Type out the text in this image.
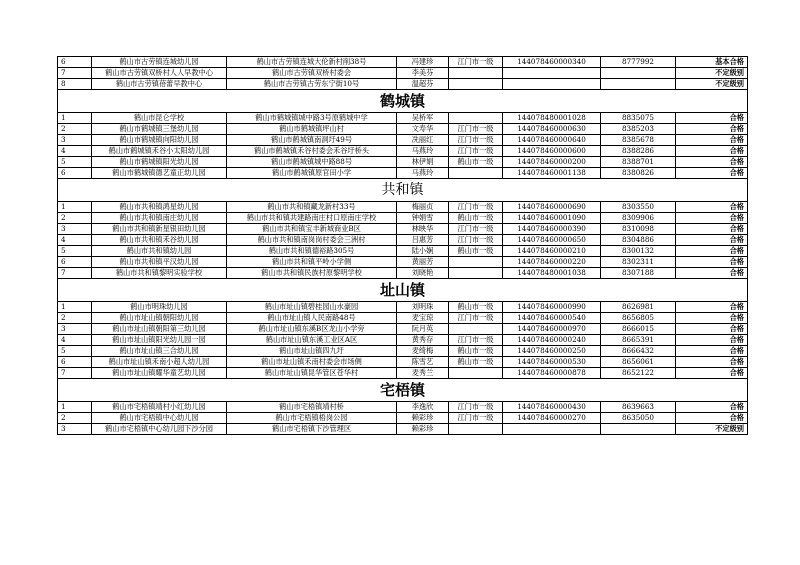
6	鹤山市古劳镇连城幼儿园	鹤山市古劳镇连城大伦新村削38号	冯建珍	江门市一级	144078460000340	8777992	基本合格
7	鹤山市古劳镇双桥村人人早教中心	鹤山市古劳镇双桥村委会	李美芬				不定级别
8	鹤山市古劳镇蓓蕾早教中心	鹤山市古劳镇古劳东宁街10号	温超芬				不定级别
鹤城镇							
1	鹤山市昆仑学校	鹤山市鹤城镇城中路3号原鹤城中学	吴桥军		144078480001028	8835075	合格
2	鹤山市鹤城镇三堡幼儿园	鹤山市鹤城镇坪山村	文寿华	江门市一级	144078460000630	8385203	合格
3	鹤山市鹤城镇向阳幼儿园	鹤山市鹤城镇南洞圩49号	冼丽红	江门市一级	144078460000640	8385678	合格
4	鹤山市鹤城镇禾谷小太阳幼儿园	鹤山市鹤城镇禾谷村委会禾谷圩桥头	马燕玲	江门市一级	144078460000600	8388286	合格
5	鹤山市鹤城镇阳光幼儿园	鹤山市鹤城镇城中路88号	林伊娟	鹤山市一级	144078460000200	8388701	合格
6	鹤山市鹤城镇德艺童正幼儿园	鹤山市鹤城镇原官田小学	马燕玲		144078460001138	8380826	合格
共和镇							
1	鹤山市共和镇鸿星幼儿园	鹤山市共和镇藏龙新村33号	梅丽贞	江门市一级	144078460000690	8303550	合格
2	鹤山市共和镇南庄幼儿园	鹤山市共和镇共建路南庄村口原南庄学校	钟娟雪	鹤山市一级	144078460001090	8309906	合格
3	鹤山市共和镇新星银田幼儿园	鹤山市共和镇宝丰新城商业B区	林映华	江门市一级	144078460000390	8310098	合格
4	鹤山市共和镇禾谷幼儿园	鹤山市共和镇南岗岗村委会三洲村	吕惠芳	江门市一级	144078460000650	8304886	合格
5	鹤山市共和镇幼儿园	鹤山市共和镇德裕路305号	陆小娴	鹤山市一级	144078460000210	8300132	合格
6	鹤山市共和镇平汉幼儿园	鹤山市共和镇平岭小学侧	黄丽芳		144078460000220	8302311	合格
7	鹤山市共和镇黎明实验学校	鹤山市共和镇民族村原黎明学校	刘晓艳		144078480001038	8307188	合格
址山镇							
1	鹤山市明珠幼儿园	鹤山市址山镇碧桂园山水豪园	刘明珠	鹤山市一级	144078460000990	8626981	合格
2	鹤山市址山镇朝阳幼儿园	鹤山市址山镇人民南路48号	麦宝琼	江门市一级	144078460000540	8656805	合格
3	鹤山市址山镇朝阳第三幼儿园	鹤山市址山镇东溪B区龙山小学旁	阮月英		144078460000970	8666015	合格
4	鹤山市址山镇阳光幼儿园一园	鹤山市址山镇东溪工业区A区	黄秀存	江门市一级	144078460000240	8665391	合格
5	鹤山市址山镇三合幼儿园	鹤山市址山镇四九圩	麦绮梅	鹤山市一级	144078460000250	8666432	合格
6	鹤山市址山镇禾南小超人幼儿园	鹤山市址山镇禾南村委会市场侧	陈雪艺	鹤山市一级	144078460000530	8656061	合格
7	鹤山市址山镇耀华童艺幼儿园	鹤山市址山镇昆华管区苍华村	麦秀兰		144078460000878	8652122	合格
宅梧镇							
1	鹤山市宅梧镇靖村小红幼儿园	鹤山市宅梧镇靖村桥	李逸欣	江门市一级	144078460000430	8639663	合格
2	鹤山市宅梧镇中心幼儿园	鹤山市宅梧镇梧岗公园	赖彩珍	江门市一级	144078460000270	8635050	合格
3	鹤山市宅梧镇中心幼儿园下沙分园	鹤山市宅梧镇下沙管理区	赖彩珍				不定级别
